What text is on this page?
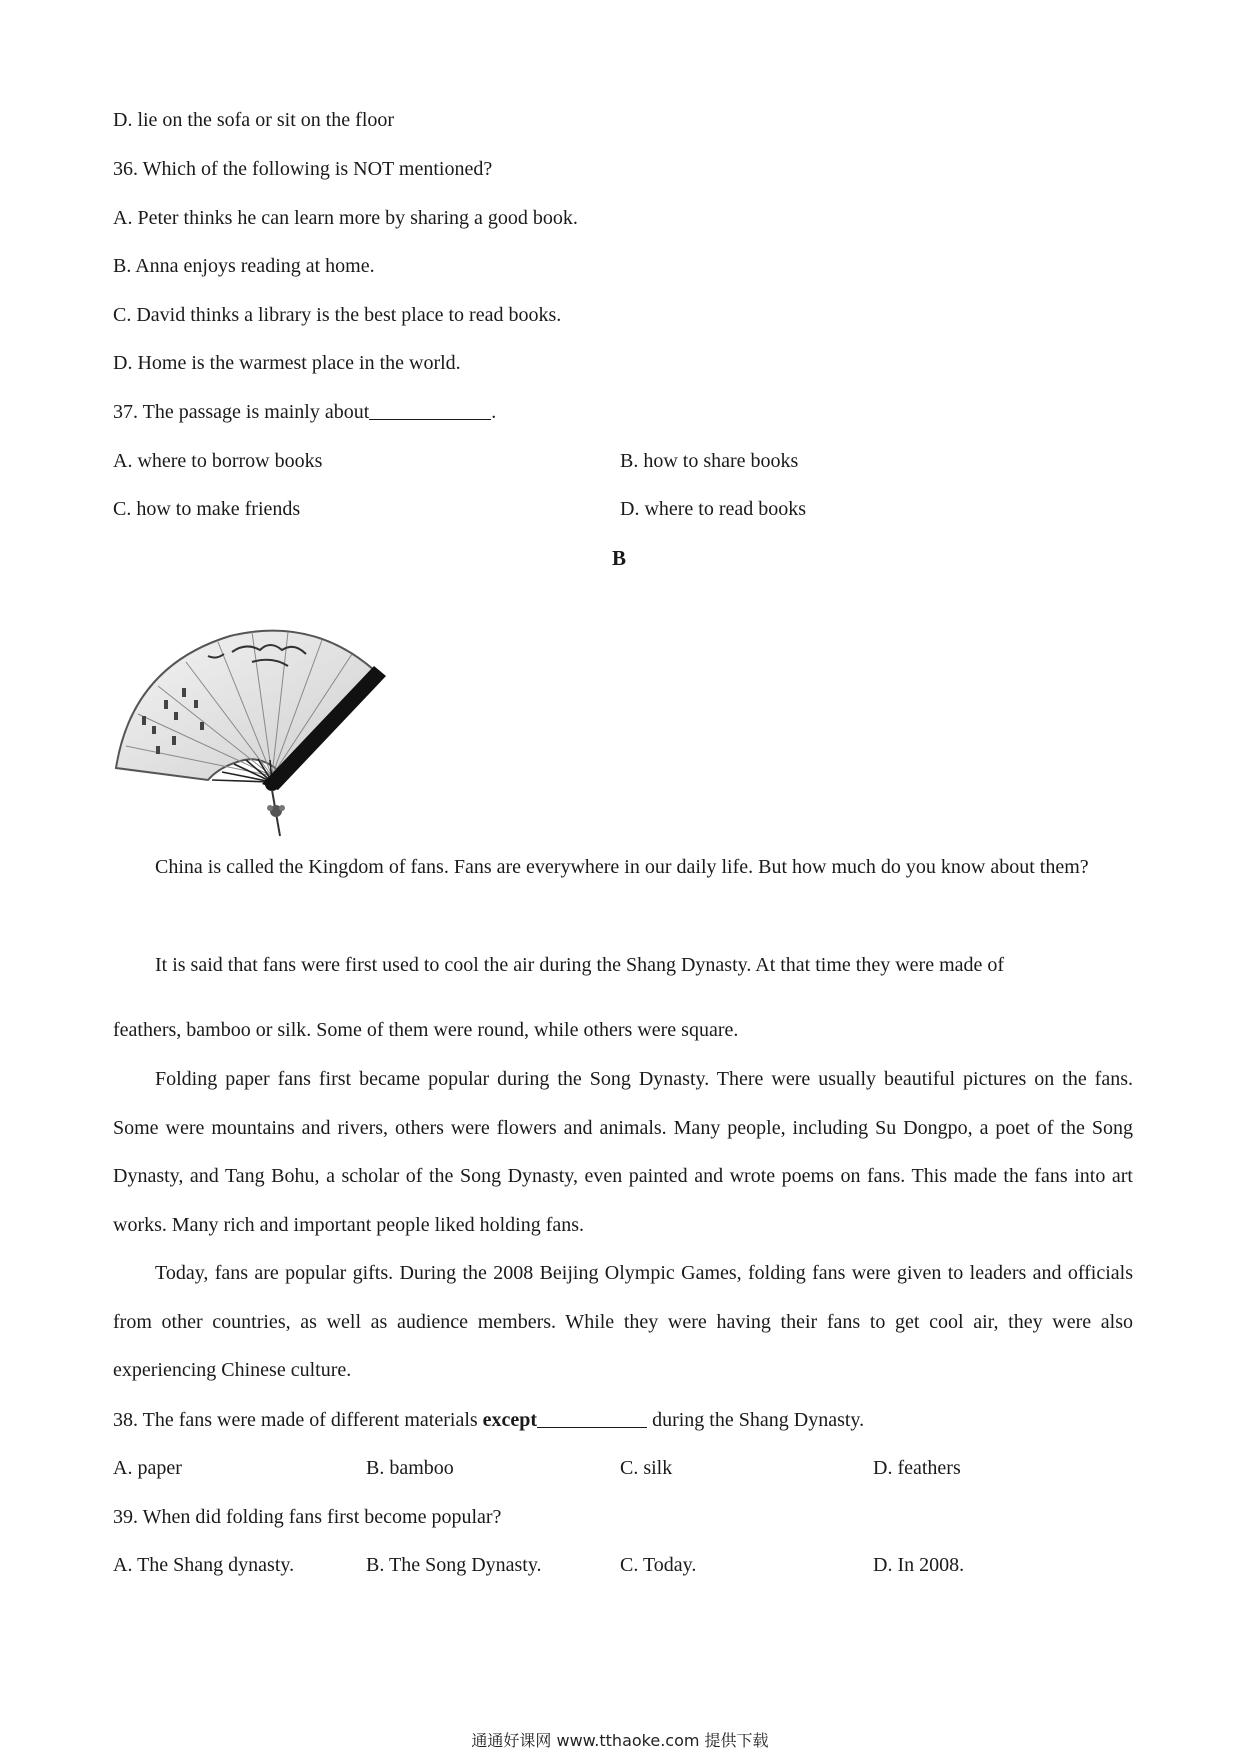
D. lie on the sofa or sit on the floor
36. Which of the following is NOT mentioned?
A. Peter thinks he can learn more by sharing a good book.
B. Anna enjoys reading at home.
C. David thinks a library is the best place to read books.
D. Home is the warmest place in the world.
37. The passage is mainly about	.
A. where to borrow books	B. how to share books
C. how to make friends	D. where to read books
B
China is called the Kingdom of fans. Fans are everywhere in our daily life. But how much do you know about them?
It is said that fans were first used to cool the air during the Shang Dynasty. At that time they were made of
feathers, bamboo or silk. Some of them were round, while others were square.
Folding paper fans first became popular during the Song Dynasty. There were usually beautiful pictures on the fans. Some were mountains and rivers, others were flowers and animals. Many people, including Su Dongpo, a poet of the Song Dynasty, and Tang Bohu, a scholar of the Song Dynasty, even painted and wrote poems on fans. This made the fans into art works. Many rich and important people liked holding fans.
Today, fans are popular gifts. During the 2008 Beijing Olympic Games, folding fans were given to leaders and officials from other countries, as well as audience members. While they were having their fans to get cool air, they were also experiencing Chinese culture.
38. The fans were made of different materials except	during the Shang Dynasty.
A. paper	B. bamboo	C. silk	D. feathers
39. When did folding fans first become popular?
A. The Shang dynasty.	B. The Song Dynasty.	C. Today.	D. In 2008.
通通好课网 www.tthaoke.com 提供下载
